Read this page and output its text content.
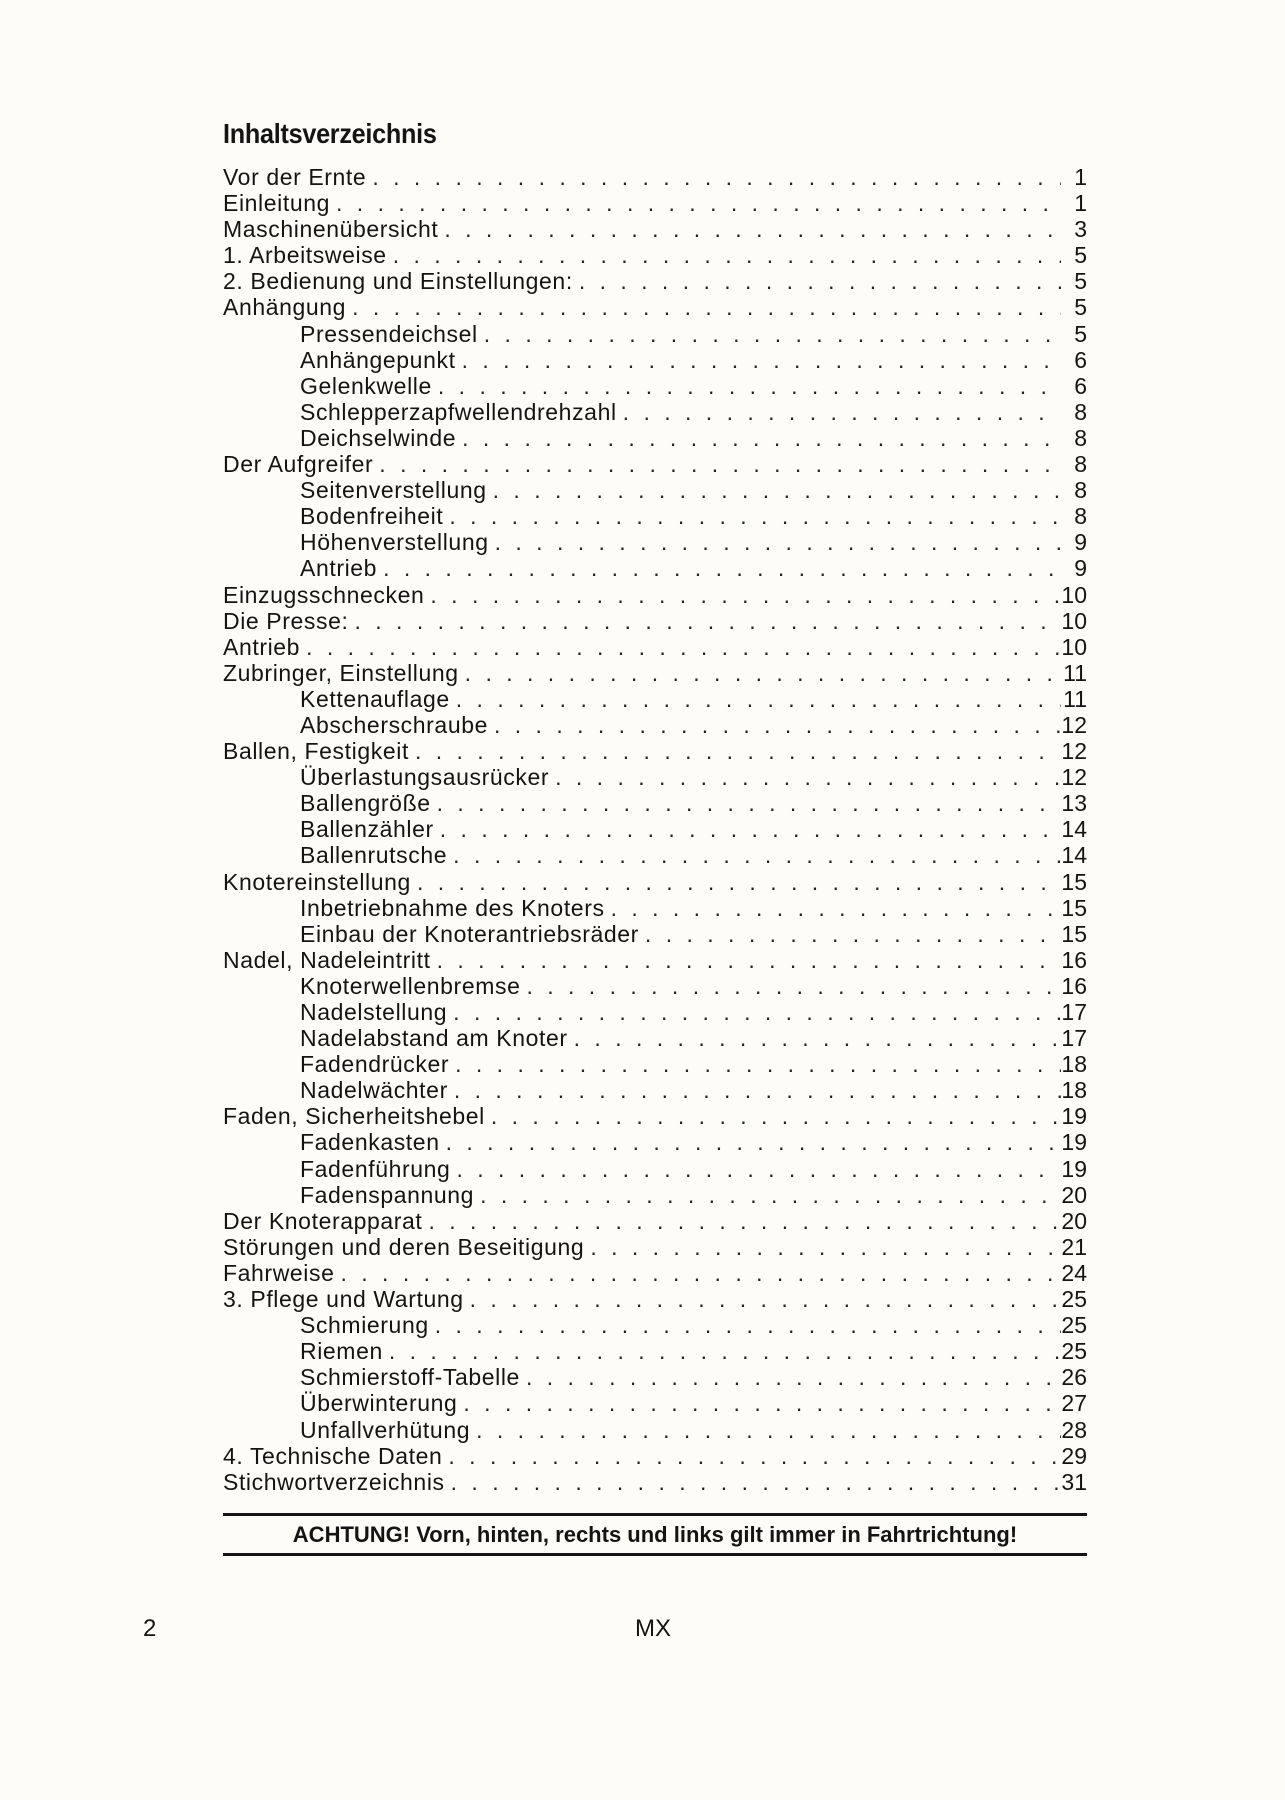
Inhaltsverzeichnis
Vor der Ernte . . .	1
Einleitung . . .	1
Maschinenübersicht . . .	3
1. Arbeitsweise . . .	5
2. Bedienung und Einstellungen: . . .	5
Anhängung . . .	5
Pressendeichsel . . .	5
Anhängepunkt . . .	6
Gelenkwelle . . .	6
Schlepperzapfwellendrehzahl . . .	8
Deichselwinde . . .	8
Der Aufgreifer . . .	8
Seitenverstellung . . .	8
Bodenfreiheit . . .	8
Höhenverstellung . . .	9
Antrieb . . .	9
Einzugsschnecken . . .	10
Die Presse: . . .	10
Antrieb . . .	10
Zubringer, Einstellung . . .	11
Kettenauflage . . .	11
Abscherschraube . . .	12
Ballen, Festigkeit . . .	12
Überlastungsausrücker . . .	12
Ballengröße . . .	13
Ballenzähler . . .	14
Ballenrutsche . . .	14
Knotereinstellung . . .	15
Inbetriebnahme des Knoters . . .	15
Einbau der Knoterantriebsräder . . .	15
Nadel, Nadeleintritt . . .	16
Knoterwellenbremse . . .	16
Nadelstellung . . .	17
Nadelabstand am Knoter . . .	17
Fadendrücker . . .	18
Nadelwächter . . .	18
Faden, Sicherheitshebel . . .	19
Fadenkasten . . .	19
Fadenführung . . .	19
Fadenspannung . . .	20
Der Knoterapparat . . .	20
Störungen und deren Beseitigung . . .	21
Fahrweise . . .	24
3. Pflege und Wartung . . .	25
Schmierung . . .	25
Riemen . . .	25
Schmierstoff-Tabelle . . .	26
Überwinterung . . .	27
Unfallverhütung . . .	28
4. Technische Daten . . .	29
Stichwortverzeichnis . . .	31
ACHTUNG! Vorn, hinten, rechts und links gilt immer in Fahrtrichtung!
2	MX
